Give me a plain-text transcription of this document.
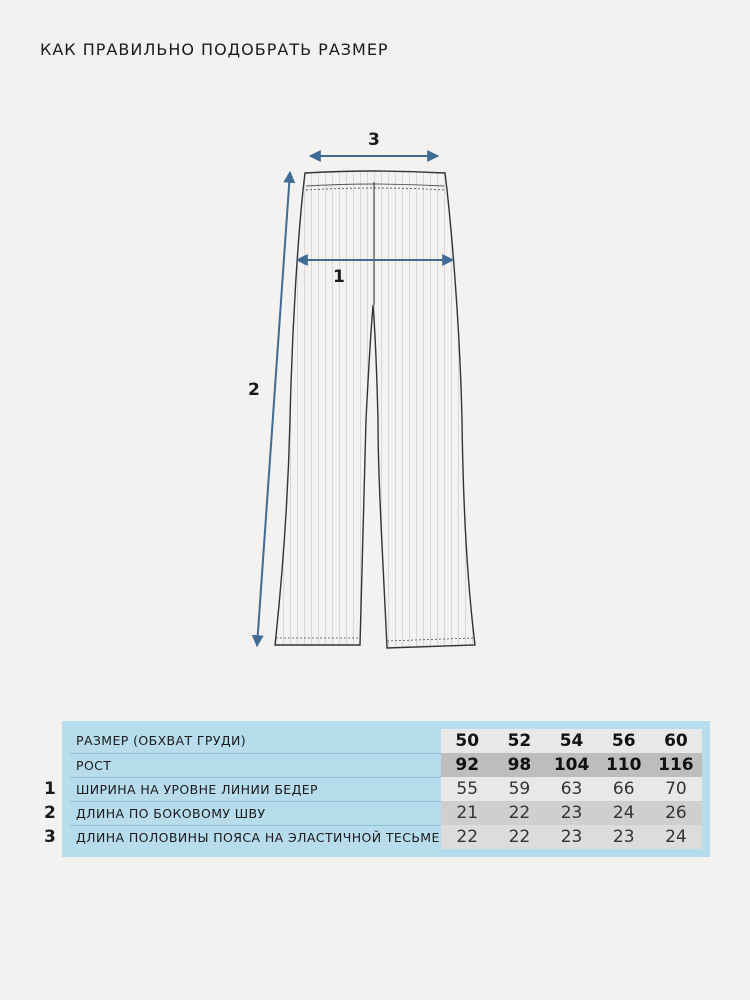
КАК ПРАВИЛЬНО ПОДОБРАТЬ РАЗМЕР
3
1
2
РАЗМЕР (ОБХВАТ ГРУДИ)	50	52	54	56	60
РОСТ	92	98	104	110	116
ШИРИНА НА УРОВНЕ ЛИНИИ БЕДЕР	55	59	63	66	70
ДЛИНА ПО БОКОВОМУ ШВУ	21	22	23	24	26
ДЛИНА ПОЛОВИНЫ ПОЯСА НА ЭЛАСТИЧНОЙ ТЕСЬМЕ	22	22	23	23	24
1
2
3
